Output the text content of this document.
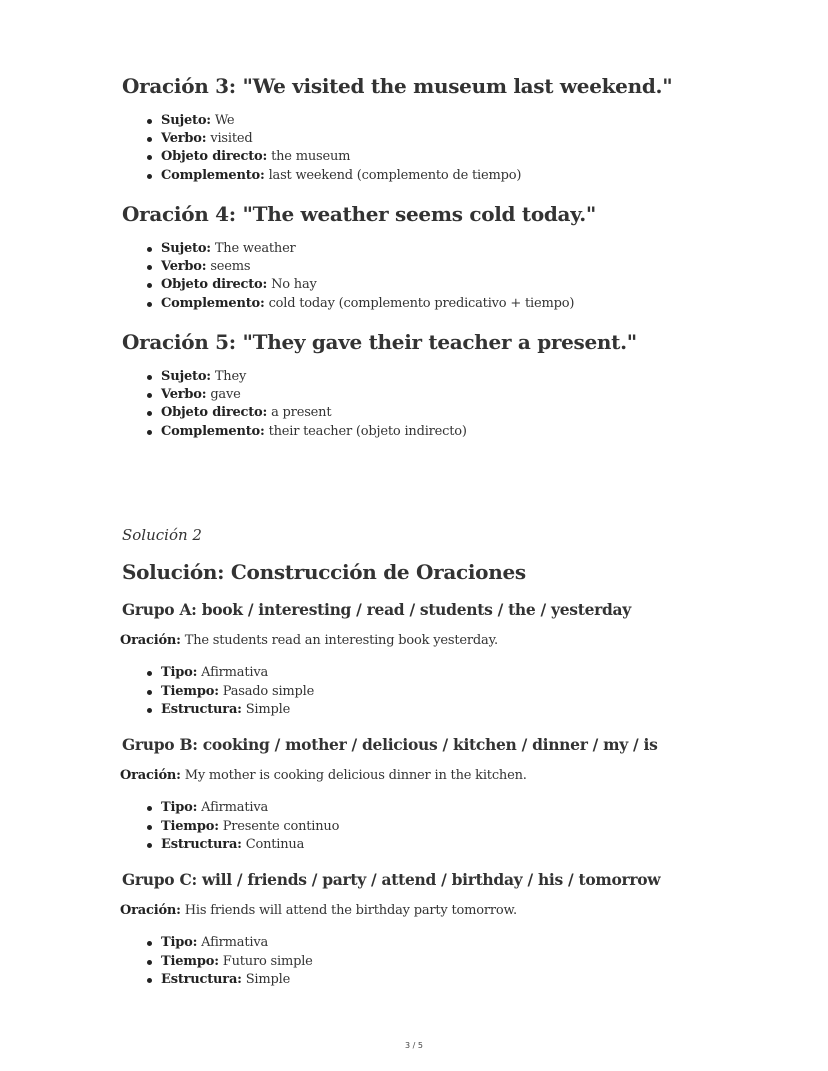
Oración 3: "We visited the museum last weekend."
Sujeto: We
Verbo: visited
Objeto directo: the museum
Complemento: last weekend (complemento de tiempo)
Oración 4: "The weather seems cold today."
Sujeto: The weather
Verbo: seems
Objeto directo: No hay
Complemento: cold today (complemento predicativo + tiempo)
Oración 5: "They gave their teacher a present."
Sujeto: They
Verbo: gave
Objeto directo: a present
Complemento: their teacher (objeto indirecto)
Solución 2
Solución: Construcción de Oraciones
Grupo A: book / interesting / read / students / the / yesterday
Oración: The students read an interesting book yesterday.
Tipo: Afirmativa
Tiempo: Pasado simple
Estructura: Simple
Grupo B: cooking / mother / delicious / kitchen / dinner / my / is
Oración: My mother is cooking delicious dinner in the kitchen.
Tipo: Afirmativa
Tiempo: Presente continuo
Estructura: Continua
Grupo C: will / friends / party / attend / birthday / his / tomorrow
Oración: His friends will attend the birthday party tomorrow.
Tipo: Afirmativa
Tiempo: Futuro simple
Estructura: Simple
3 / 5
